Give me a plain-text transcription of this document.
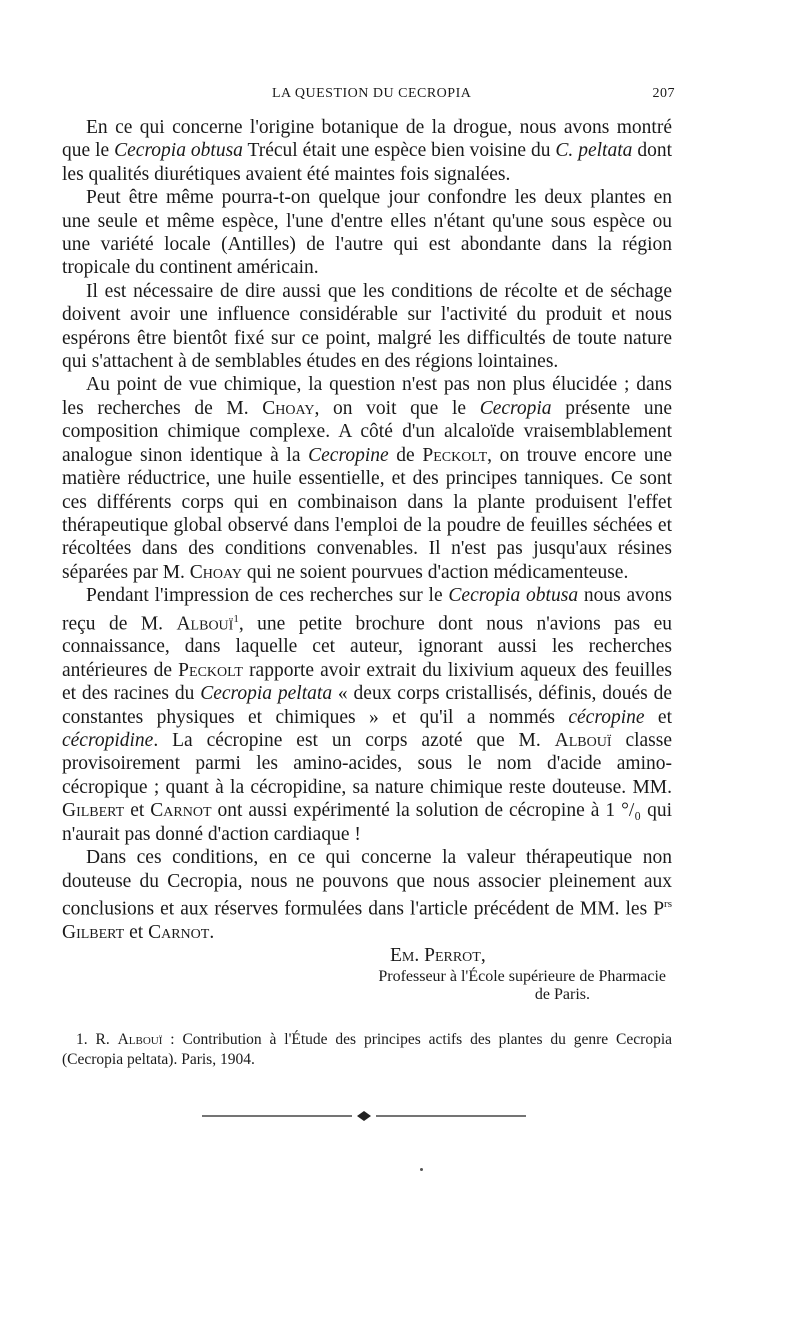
LA QUESTION DU CECROPIA	207

En ce qui concerne l'origine botanique de la drogue, nous avons montré que le Cecropia obtusa Trécul était une espèce bien voisine du C. peltata dont les qualités diurétiques avaient été maintes fois signalées.

Peut être même pourra-t-on quelque jour confondre les deux plantes en une seule et même espèce, l'une d'entre elles n'étant qu'une sous espèce ou une variété locale (Antilles) de l'autre qui est abondante dans la région tropicale du continent américain.

Il est nécessaire de dire aussi que les conditions de récolte et de séchage doivent avoir une influence considérable sur l'activité du produit et nous espérons être bientôt fixé sur ce point, malgré les difficultés de toute nature qui s'attachent à de semblables études en des régions lointaines.

Au point de vue chimique, la question n'est pas non plus élucidée ; dans les recherches de M. Choay, on voit que le Cecropia présente une composition chimique complexe. A côté d'un alcaloïde vraisemblablement analogue sinon identique à la Cecropine de Peckolt, on trouve encore une matière réductrice, une huile essentielle, et des principes tanniques. Ce sont ces différents corps qui en combinaison dans la plante produisent l'effet thérapeutique global observé dans l'emploi de la poudre de feuilles séchées et récoltées dans des conditions convenables. Il n'est pas jusqu'aux résines séparées par M. Choay qui ne soient pourvues d'action médicamenteuse.

Pendant l'impression de ces recherches sur le Cecropia obtusa nous avons reçu de M. Albouï$^1$, une petite brochure dont nous n'avions pas eu connaissance, dans laquelle cet auteur, ignorant aussi les recherches antérieures de Peckolt rapporte avoir extrait du lixivium aqueux des feuilles et des racines du Cecropia peltata « deux corps cristallisés, définis, doués de constantes physiques et chimiques » et qu'il a nommés cécropine et cécropidine. La cécropine est un corps azoté que M. Albouï classe provisoirement parmi les amino-acides, sous le nom d'acide amino-cécropique ; quant à la cécropidine, sa nature chimique reste douteuse. MM. Gilbert et Carnot ont aussi expérimenté la solution de cécropine à 1 °/₀ qui n'aurait pas donné d'action cardiaque !

Dans ces conditions, en ce qui concerne la valeur thérapeutique non douteuse du Cecropia, nous ne pouvons que nous associer pleinement aux conclusions et aux réserves formulées dans l'article précédent de MM. les $P^{rs}$ Gilbert et Carnot.

Em. Perrot,
Professeur à l'École supérieure de Pharmacie
de Paris.

1. R. Albouï : Contribution à l'Étude des principes actifs des plantes du genre Cecropia (Cecropia peltata). Paris, 1904.
